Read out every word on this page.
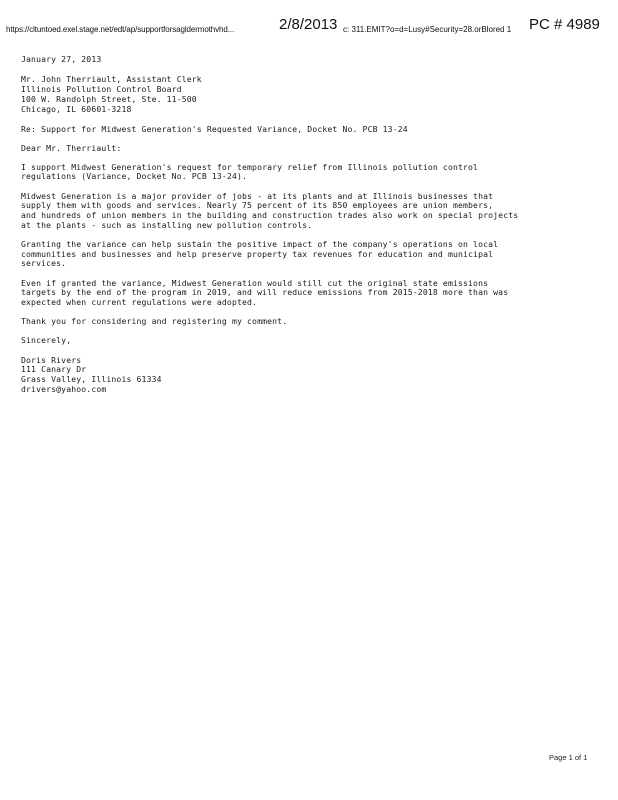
https://cltuntoed.exel.stage.net/edt/ap/supportforsagldermothvhd...	2/8/2013 c: 311.EMIT?o=d=Lusy#Security=28.orBlored 1 PC # 4989
January 27, 2013
Mr. John Therriault, Assistant Clerk
Illinois Pollution Control Board
100 W. Randolph Street, Ste. 11-500
Chicago, IL 60601-3218
Re: Support for Midwest Generation's Requested Variance, Docket No. PCB 13-24
Dear Mr. Therriault:
I support Midwest Generation's request for temporary relief from Illinois pollution control
regulations (Variance, Docket No. PCB 13-24).
Midwest Generation is a major provider of jobs - at its plants and at Illinois businesses that
supply them with goods and services. Nearly 75 percent of its 850 employees are union members,
and hundreds of union members in the building and construction trades also work on special projects
at the plants - such as installing new pollution controls.
Granting the variance can help sustain the positive impact of the company's operations on local
communities and businesses and help preserve property tax revenues for education and municipal
services.
Even if granted the variance, Midwest Generation would still cut the original state emissions
targets by the end of the program in 2019, and will reduce emissions from 2015-2018 more than was
expected when current regulations were adopted.
Thank you for considering and registering my comment.
Sincerely,
Doris Rivers
111 Canary Dr
Grass Valley, Illinois 61334
drivers@yahoo.com
Page 1 of 1
